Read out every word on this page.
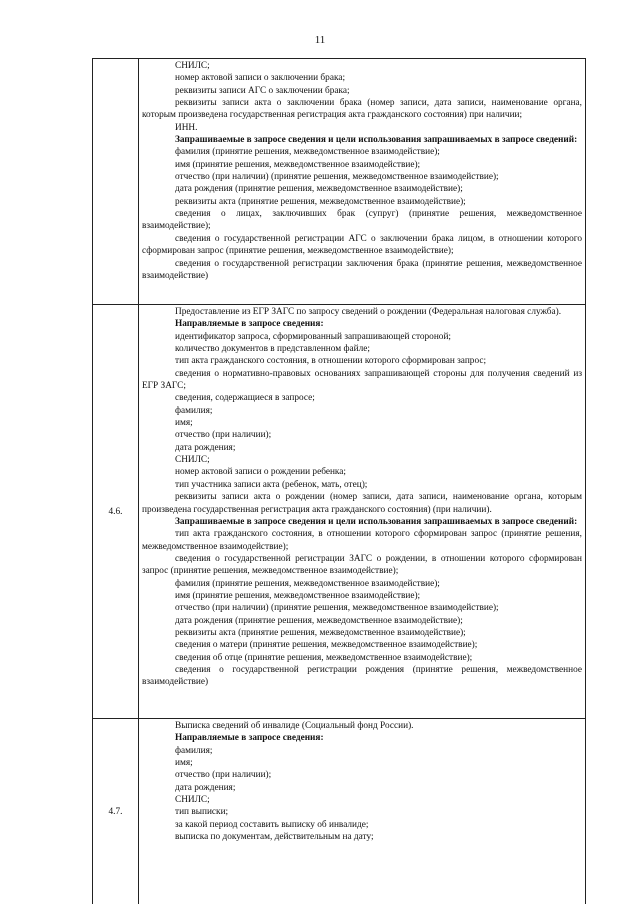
11
СНИЛС;
номер актовой записи о заключении брака;
реквизиты записи АГС о заключении брака;
реквизиты записи акта о заключении брака (номер записи, дата записи, наименование органа, которым произведена государственная регистрация акта гражданского состояния) при наличии;
ИНН.
Запрашиваемые в запросе сведения и цели использования запрашиваемых в запросе сведений:
фамилия (принятие решения, межведомственное взаимодействие);
имя (принятие решения, межведомственное взаимодействие);
отчество (при наличии) (принятие решения, межведомственное взаимодействие);
дата рождения (принятие решения, межведомственное взаимодействие);
реквизиты акта (принятие решения, межведомственное взаимодействие);
сведения о лицах, заключивших брак (супруг) (принятие решения, межведомственное взаимодействие);
сведения о государственной регистрации АГС о заключении брака лицом, в отношении которого сформирован запрос (принятие решения, межведомственное взаимодействие);
сведения о государственной регистрации заключения брака (принятие решения, межведомственное взаимодействие)
4.6.
Предоставление из ЕГР ЗАГС по запросу сведений о рождении (Федеральная налоговая служба).
Направляемые в запросе сведения:
идентификатор запроса, сформированный запрашивающей стороной;
количество документов в представленном файле;
тип акта гражданского состояния, в отношении которого сформирован запрос;
сведения о нормативно-правовых основаниях запрашивающей стороны для получения сведений из ЕГР ЗАГС;
сведения, содержащиеся в запросе;
фамилия;
имя;
отчество (при наличии);
дата рождения;
СНИЛС;
номер актовой записи о рождении ребенка;
тип участника записи акта (ребенок, мать, отец);
реквизиты записи акта о рождении (номер записи, дата записи, наименование органа, которым произведена государственная регистрация акта гражданского состояния) (при наличии).
Запрашиваемые в запросе сведения и цели использования запрашиваемых в запросе сведений:
тип акта гражданского состояния, в отношении которого сформирован запрос (принятие решения, межведомственное взаимодействие);
сведения о государственной регистрации ЗАГС о рождении, в отношении которого сформирован запрос (принятие решения, межведомственное взаимодействие);
фамилия (принятие решения, межведомственное взаимодействие);
имя (принятие решения, межведомственное взаимодействие);
отчество (при наличии) (принятие решения, межведомственное взаимодействие);
дата рождения (принятие решения, межведомственное взаимодействие);
реквизиты акта (принятие решения, межведомственное взаимодействие);
сведения о матери (принятие решения, межведомственное взаимодействие);
сведения об отце (принятие решения, межведомственное взаимодействие);
сведения о государственной регистрации рождения (принятие решения, межведомственное взаимодействие)
4.7.
Выписка сведений об инвалиде (Социальный фонд России).
Направляемые в запросе сведения:
фамилия;
имя;
отчество (при наличии);
дата рождения;
СНИЛС;
тип выписки;
за какой период составить выписку об инвалиде;
выписка по документам, действительным на дату;
